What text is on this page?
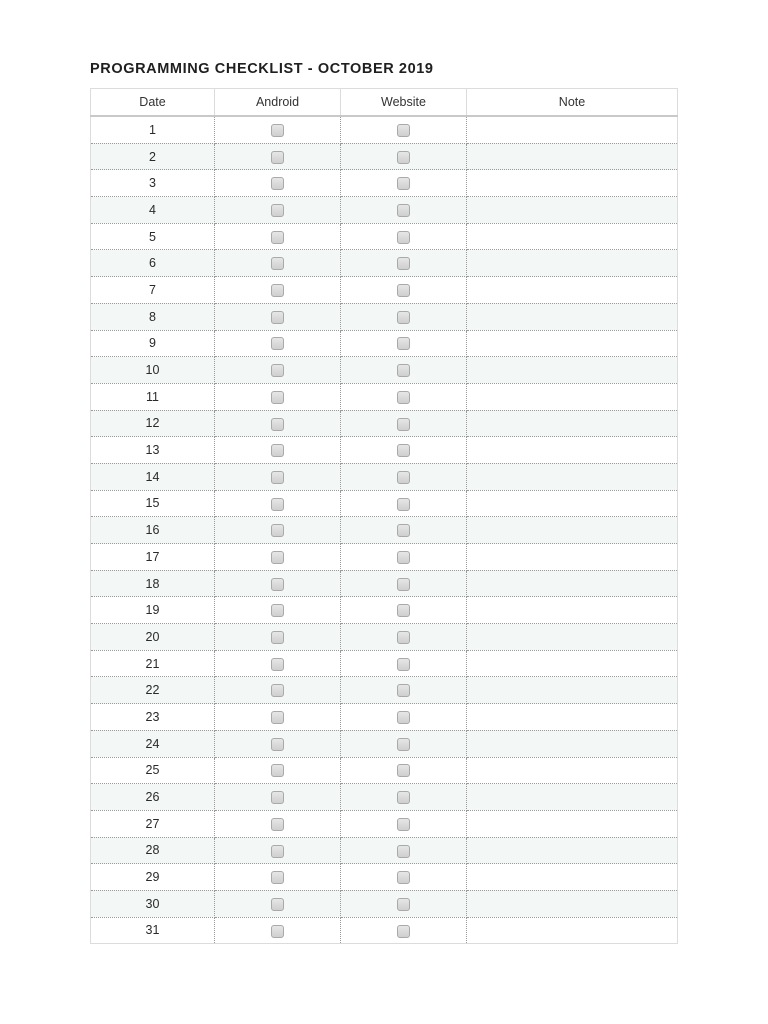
PROGRAMMING CHECKLIST - OCTOBER 2019
Date	Android	Website	Note
1			
2			
3			
4			
5			
6			
7			
8			
9			
10			
11			
12			
13			
14			
15			
16			
17			
18			
19			
20			
21			
22			
23			
24			
25			
26			
27			
28			
29			
30			
31			
